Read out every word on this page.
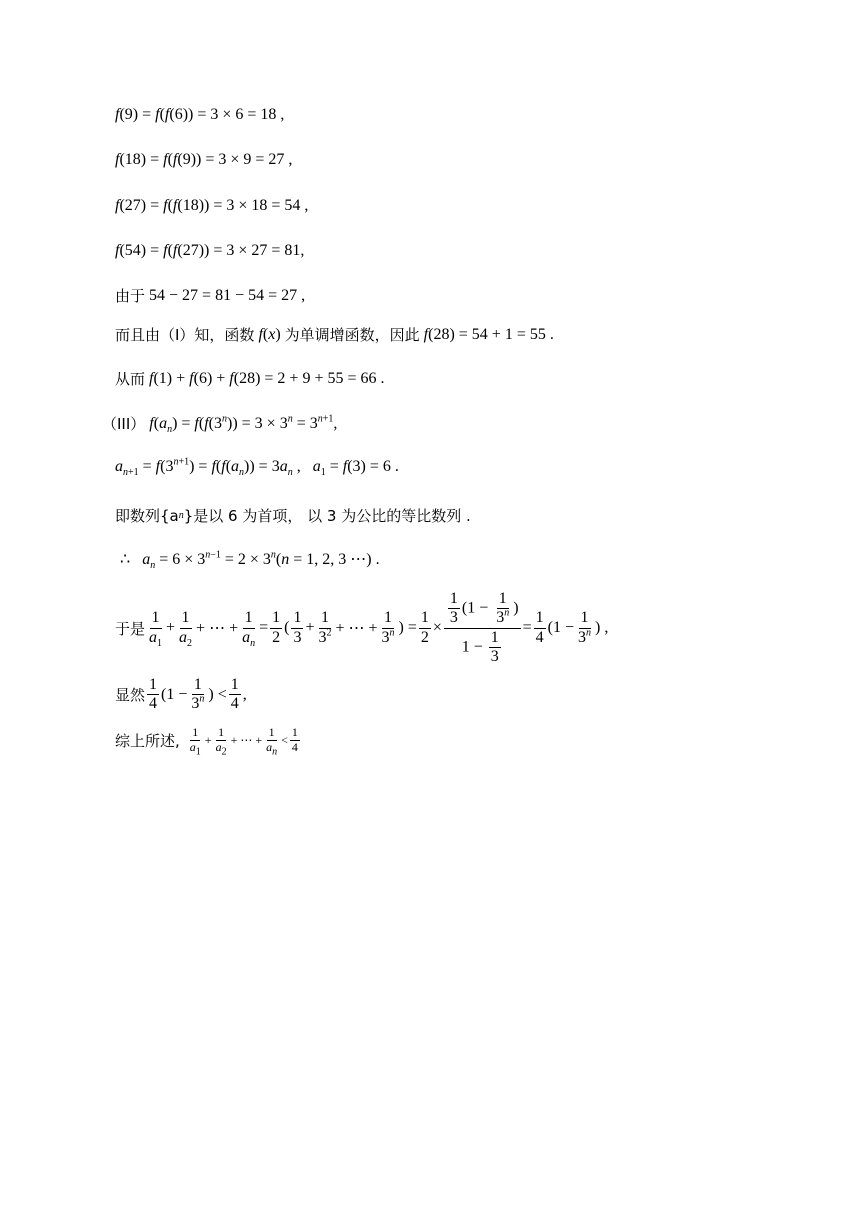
f (9) = f ( f (6)) = 3 × 6 = 18 ,
f (18) = f ( f (9)) = 3 × 9 = 27 ,
f (27) = f ( f (18)) = 3 × 18 = 54 ,
f (54) = f ( f (27)) = 3 × 27 = 81,
由于 54 − 27 = 81 − 54 = 27 ,
而且由（I）知，函数 f(x) 为单调增函数，因此 f(28) = 54 + 1 = 55 .
从而 f(1) + f(6) + f(28) = 2 + 9 + 55 = 66 .
（III） $f(a_n) = f(f(3^n)) = 3 \times 3^n = 3^{n+1}$,
$a_{n+1} = f(3^{n+1}) = f(f(a_n)) = 3a_n$ ,   $a_1 = f(3) = 6$ .
即数列{a n }是以 6 为首项， 以 3 为公比的等比数列 .
∴   $a_n = 6 \times 3^{n-1} = 2 \times 3^n(n = 1$, 2, 3 ⋯) .
于是 $\frac{1}{a_1} + \frac{1}{a_2}$ + ⋯ + $\frac{1}{a_n} = \frac{1}{2}$ ( $\frac{1}{3} + \frac{1}{3^2}$ + ⋯ + $\frac{1}{3^n}$ ) = $\frac{1}{2} \times \frac{\frac{1}{3} (1 - \frac{1}{3^n} )}{1 - \frac{1}{3}} = \frac{1}{4} (1 - \frac{1}{3^n}$ ) ,
显然 $\frac{1}{4} (1 - \frac{1}{3^n}$ ) < $\frac{1}{4}$ ,
综上所述, $\frac{1}{a_1} + \frac{1}{a_2}$ + ⋯ + $\frac{1}{a_n} < \frac{1}{4}$
